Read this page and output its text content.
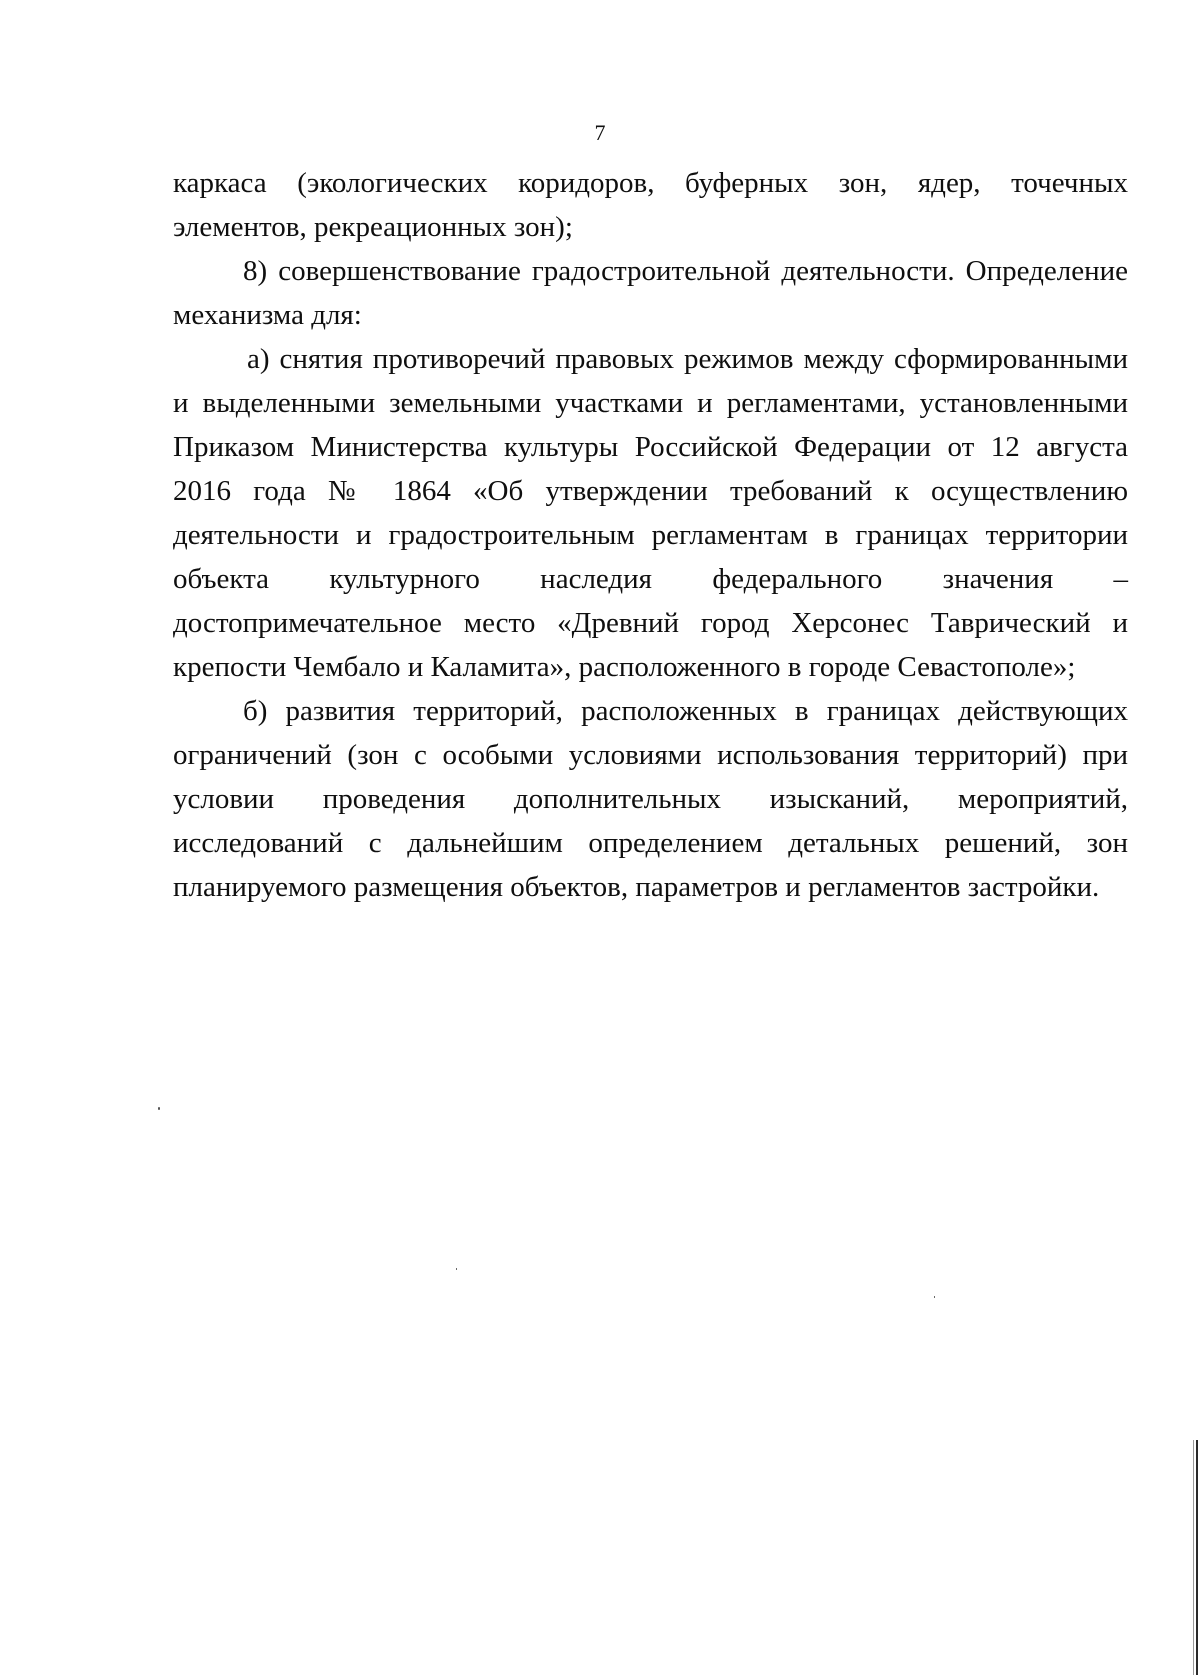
7

каркаса (экологических коридоров, буферных зон, ядер, точечных элементов, рекреационных зон);

8) совершенствование градостроительной деятельности. Определение механизма для:

а) снятия противоречий правовых режимов между сформированными и выделенными земельными участками и регламентами, установленными Приказом Министерства культуры Российской Федерации от 12 августа 2016 года № 1864 «Об утверждении требований к осуществлению деятельности и градостроительным регламентам в границах территории объекта культурного наследия федерального значения – достопримечательное место «Древний город Херсонес Таврический и крепости Чембало и Каламита», расположенного в городе Севастополе»;

б) развития территорий, расположенных в границах действующих ограничений (зон с особыми условиями использования территорий) при условии проведения дополнительных изысканий, мероприятий, исследований с дальнейшим определением детальных решений, зон планируемого размещения объектов, параметров и регламентов застройки.
